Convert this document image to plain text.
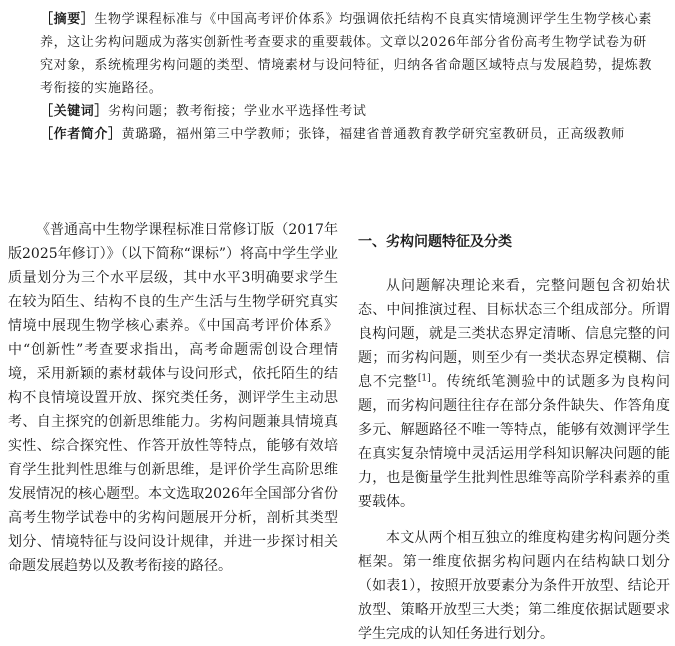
［摘要］生物学课程标准与《中国高考评价体系》均强调依托结构不良真实情境测评学生生物学核心素养，这让劣构问题成为落实创新性考查要求的重要载体。文章以2026年部分省份高考生物学试卷为研究对象，系统梳理劣构问题的类型、情境素材与设问特征，归纳各省命题区域特点与发展趋势，提炼教考衔接的实施路径。

［关键词］劣构问题；教考衔接；学业水平选择性考试

［作者简介］黄璐璐，福州第三中学教师；张锋，福建省普通教育教学研究室教研员，正高级教师

《普通高中生物学课程标准日常修订版（2017年版2025年修订）》（以下简称“课标”）将高中学生学业质量划分为三个水平层级，其中水平3明确要求学生在较为陌生、结构不良的生产生活与生物学研究真实情境中展现生物学核心素养。《中国高考评价体系》中“创新性”考查要求指出，高考命题需创设合理情境，采用新颖的素材载体与设问形式，依托陌生的结构不良情境设置开放、探究类任务，测评学生主动思考、自主探究的创新思维能力。劣构问题兼具情境真实性、综合探究性、作答开放性等特点，能够有效培育学生批判性思维与创新思维，是评价学生高阶思维发展情况的核心题型。本文选取2026年全国部分省份高考生物学试卷中的劣构问题展开分析，剖析其类型划分、情境特征与设问设计规律，并进一步探讨相关命题发展趋势以及教考衔接的路径。

一、劣构问题特征及分类

从问题解决理论来看，完整问题包含初始状态、中间推演过程、目标状态三个组成部分。所谓良构问题，就是三类状态界定清晰、信息完整的问题；而劣构问题，则至少有一类状态界定模糊、信息不完整[1]。传统纸笔测验中的试题多为良构问题，而劣构问题往往存在部分条件缺失、作答角度多元、解题路径不唯一等特点，能够有效测评学生在真实复杂情境中灵活运用学科知识解决问题的能力，也是衡量学生批判性思维等高阶学科素养的重要载体。

本文从两个相互独立的维度构建劣构问题分类框架。第一维度依据劣构问题内在结构缺口划分（如表1），按照开放要素分为条件开放型、结论开放型、策略开放型三大类；第二维度依据试题要求学生完成的认知任务进行划分。
